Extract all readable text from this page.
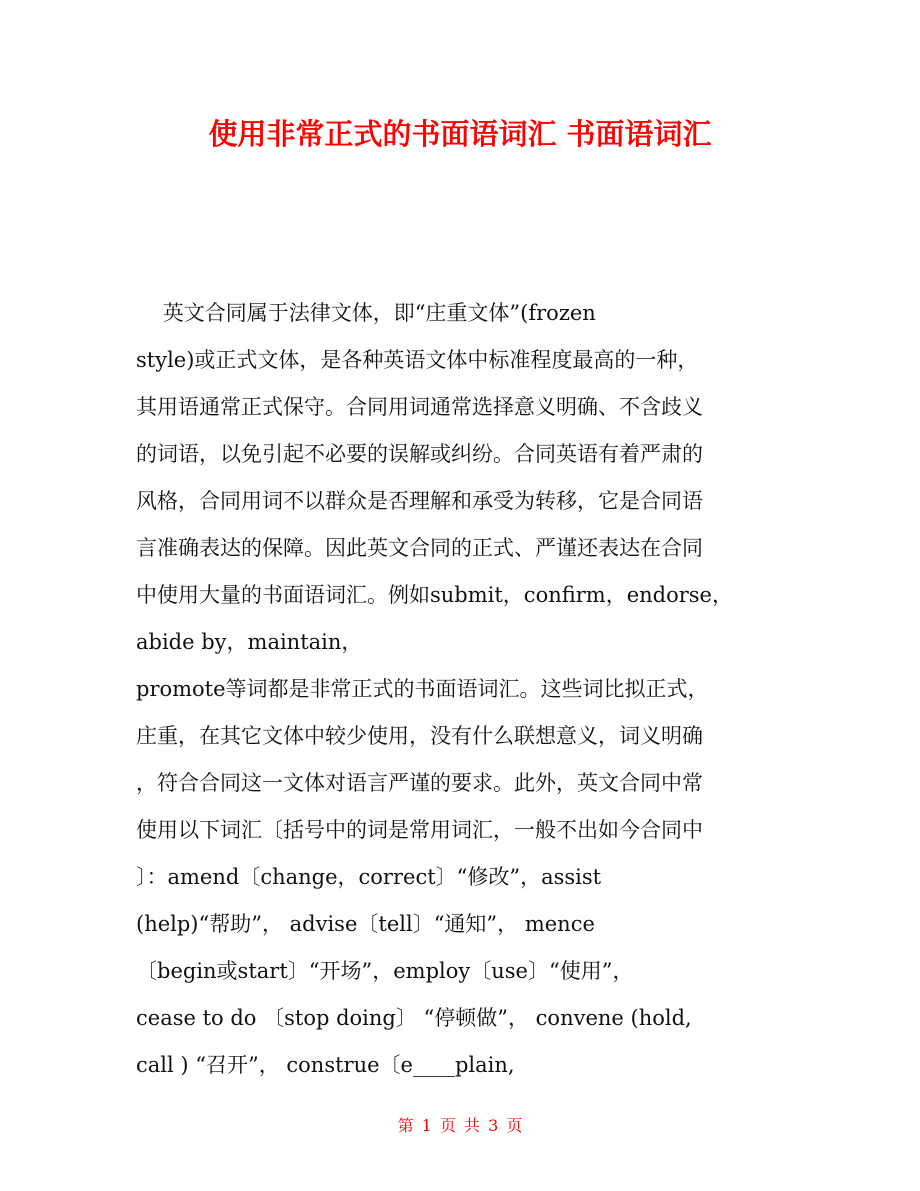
使用非常正式的书面语词汇 书面语词汇
英文合同属于法律文体，即“庄重文体”(frozen
style)或正式文体，是各种英语文体中标准程度最高的一种，
其用语通常正式保守。合同用词通常选择意义明确、不含歧义
的词语，以免引起不必要的误解或纠纷。合同英语有着严肃的
风格，合同用词不以群众是否理解和承受为转移，它是合同语
言准确表达的保障。因此英文合同的正式、严谨还表达在合同
中使用大量的书面语词汇。例如submit，confirm，endorse，
abide by，maintain，
promote等词都是非常正式的书面语词汇。这些词比拟正式，
庄重，在其它文体中较少使用，没有什么联想意义，词义明确
，符合合同这一文体对语言严谨的要求。此外，英文合同中常
使用以下词汇〔括号中的词是常用词汇，一般不出如今合同中
〕：amend〔change，correct〕“修改”，assist
(help)“帮助”， advise〔tell〕“通知”， mence
〔begin或start〕“开场”，employ〔use〕“使用”，
cease to do 〔stop doing〕 “停顿做”， convene (hold,
call ) “召开”， construe〔e____plain,
第 1 页 共 3 页
